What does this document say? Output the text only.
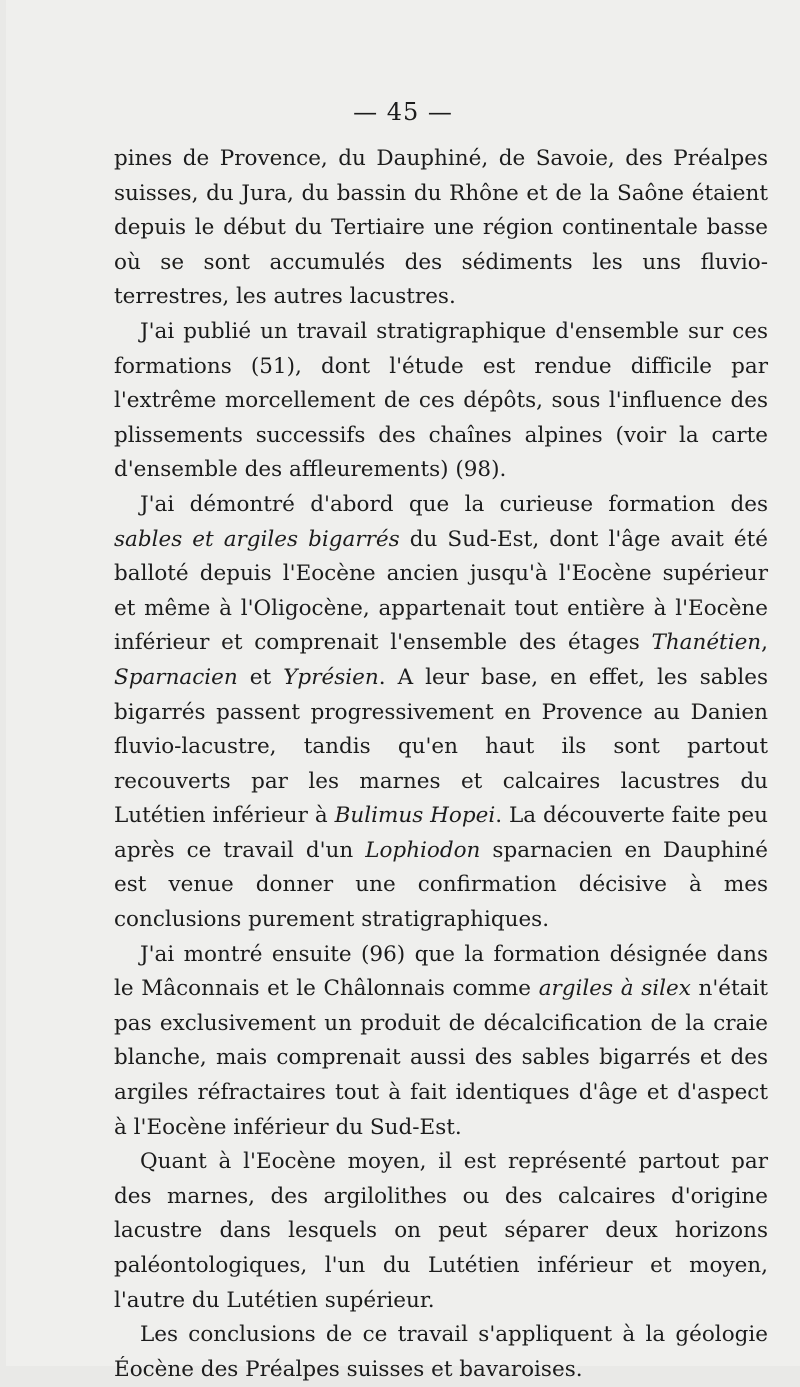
— 45 —

pines de Provence, du Dauphiné, de Savoie, des Préalpes suisses, du Jura, du bassin du Rhône et de la Saône étaient depuis le début du Tertiaire une région continentale basse où se sont accumulés des sédiments les uns fluvio-terrestres, les autres lacustres.

J'ai publié un travail stratigraphique d'ensemble sur ces formations (51), dont l'étude est rendue difficile par l'extrême morcellement de ces dépôts, sous l'influence des plissements successifs des chaînes alpines (voir la carte d'ensemble des affleurements) (98).

J'ai démontré d'abord que la curieuse formation des sables et argiles bigarrés du Sud-Est, dont l'âge avait été balloté depuis l'Eocène ancien jusqu'à l'Eocène supérieur et même à l'Oligocène, appartenait tout entière à l'Eocène inférieur et comprenait l'ensemble des étages Thanétien, Sparnacien et Yprésien. A leur base, en effet, les sables bigarrés passent progressivement en Provence au Danien fluvio-lacustre, tandis qu'en haut ils sont partout recouverts par les marnes et calcaires lacustres du Lutétien inférieur à Bulimus Hopei. La découverte faite peu après ce travail d'un Lophiodon sparnacien en Dauphiné est venue donner une confirmation décisive à mes conclusions purement stratigraphiques.

J'ai montré ensuite (96) que la formation désignée dans le Mâconnais et le Châlonnais comme argiles à silex n'était pas exclusivement un produit de décalcification de la craie blanche, mais comprenait aussi des sables bigarrés et des argiles réfractaires tout à fait identiques d'âge et d'aspect à l'Eocène inférieur du Sud-Est.

Quant à l'Eocène moyen, il est représenté partout par des marnes, des argilolithes ou des calcaires d'origine lacustre dans lesquels on peut séparer deux horizons paléontologiques, l'un du Lutétien inférieur et moyen, l'autre du Lutétien supérieur.

Les conclusions de ce travail s'appliquent à la géologie Éocène des Préalpes suisses et bavaroises.
